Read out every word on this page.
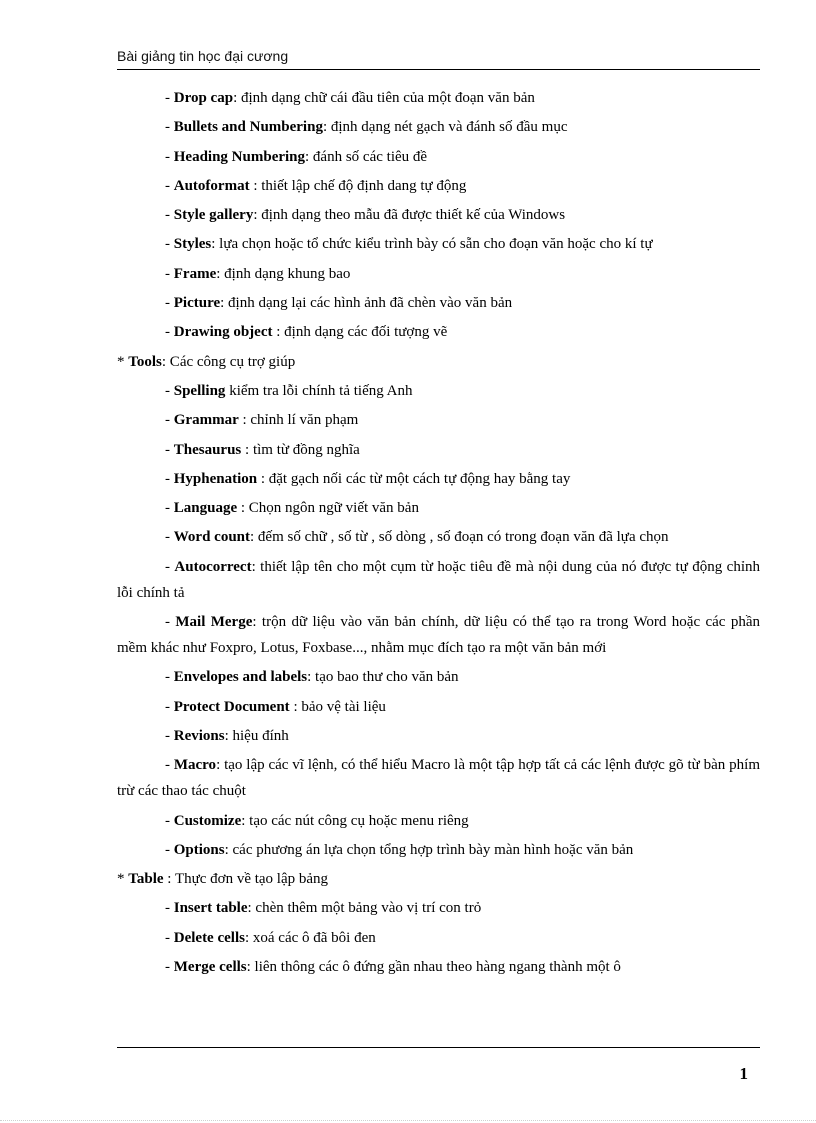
Bài giảng tin học đại cương
- Drop cap: định dạng chữ cái đầu tiên của một đoạn văn bản
- Bullets and Numbering: định dạng nét gạch và đánh số đầu mục
- Heading Numbering: đánh số các tiêu đề
- Autoformat : thiết lập chế độ định dang tự động
- Style gallery: định dạng theo mẫu đã được thiết kế của Windows
- Styles: lựa chọn hoặc tổ chức kiểu trình bày có sẵn cho đoạn văn hoặc cho kí tự
- Frame: định dạng khung bao
- Picture: định dạng lại các hình ảnh đã chèn vào văn bản
- Drawing object : định dạng các đối tượng vẽ
* Tools: Các công cụ trợ giúp
- Spelling kiểm tra lỗi chính tả tiếng Anh
- Grammar : chỉnh lí văn phạm
- Thesaurus : tìm từ đồng nghĩa
- Hyphenation : đặt gạch nối các từ một cách tự động hay bằng tay
- Language : Chọn ngôn ngữ viết văn bản
- Word count: đếm số chữ , số từ , số dòng , số đoạn có trong đoạn văn đã lựa chọn
- Autocorrect: thiết lập tên cho một cụm từ hoặc tiêu đề mà nội dung của nó được tự động chỉnh lỗi chính tả
- Mail Merge: trộn dữ liệu vào văn bản chính, dữ liệu có thể tạo ra trong Word hoặc các phần mềm khác như Foxpro, Lotus, Foxbase..., nhằm mục đích tạo ra một văn bản mới
- Envelopes and labels: tạo bao thư cho văn bản
- Protect Document : bảo vệ tài liệu
- Revions: hiệu đính
- Macro: tạo lập các vĩ lệnh, có thể hiểu Macro là một tập hợp tất cả các lệnh được gõ từ bàn phím trừ các thao tác chuột
- Customize: tạo các nút công cụ hoặc menu riêng
- Options: các phương án lựa chọn tổng hợp trình bày màn hình hoặc văn bản
* Table : Thực đơn về tạo lập bảng
- Insert table: chèn thêm một bảng vào vị trí con trỏ
- Delete cells: xoá các ô đã bôi đen
- Merge cells: liên thông các ô đứng gần nhau theo hàng ngang thành một ô
1
